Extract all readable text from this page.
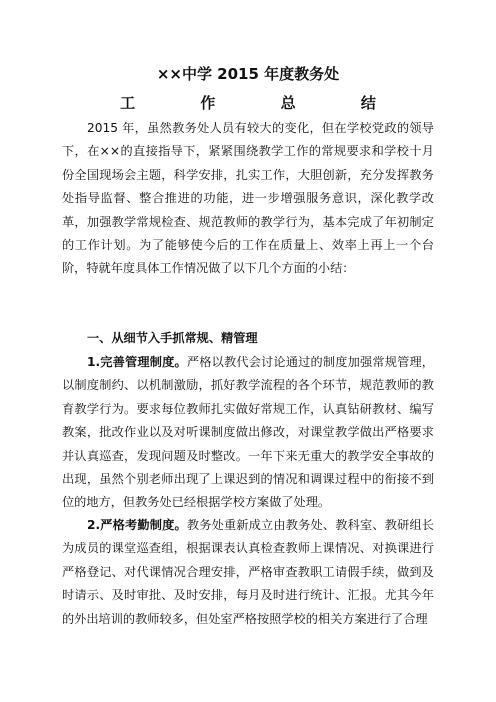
××中学 2015 年度教务处
工 作 总 结
2015 年，虽然教务处人员有较大的变化，但在学校党政的领导下，在××的直接指导下，紧紧围绕教学工作的常规要求和学校十月份全国现场会主题，科学安排，扎实工作，大胆创新，充分发挥教务处指导监督、整合推进的功能，进一步增强服务意识，深化教学改革，加强教学常规检查、规范教师的教学行为，基本完成了年初制定的工作计划。为了能够使今后的工作在质量上、效率上再上一个台阶，特就年度具体工作情况做了以下几个方面的小结：
一、从细节入手抓常规、精管理
1.完善管理制度。严格以教代会讨论通过的制度加强常规管理，以制度制约、以机制激励，抓好教学流程的各个环节，规范教师的教育教学行为。要求每位教师扎实做好常规工作，认真钻研教材、编写教案，批改作业以及对听课制度做出修改，对课堂教学做出严格要求并认真巡查，发现问题及时整改。一年下来无重大的教学安全事故的出现，虽然个别老师出现了上课迟到的情况和调课过程中的衔接不到位的地方，但教务处已经根据学校方案做了处理。
2.严格考勤制度。教务处重新成立由教务处、教科室、教研组长为成员的课堂巡查组，根据课表认真检查教师上课情况、对换课进行严格登记、对代课情况合理安排，严格审查教职工请假手续，做到及时请示、及时审批、及时安排，每月及时进行统计、汇报。尤其今年的外出培训的教师较多，但处室严格按照学校的相关方案进行了合理
